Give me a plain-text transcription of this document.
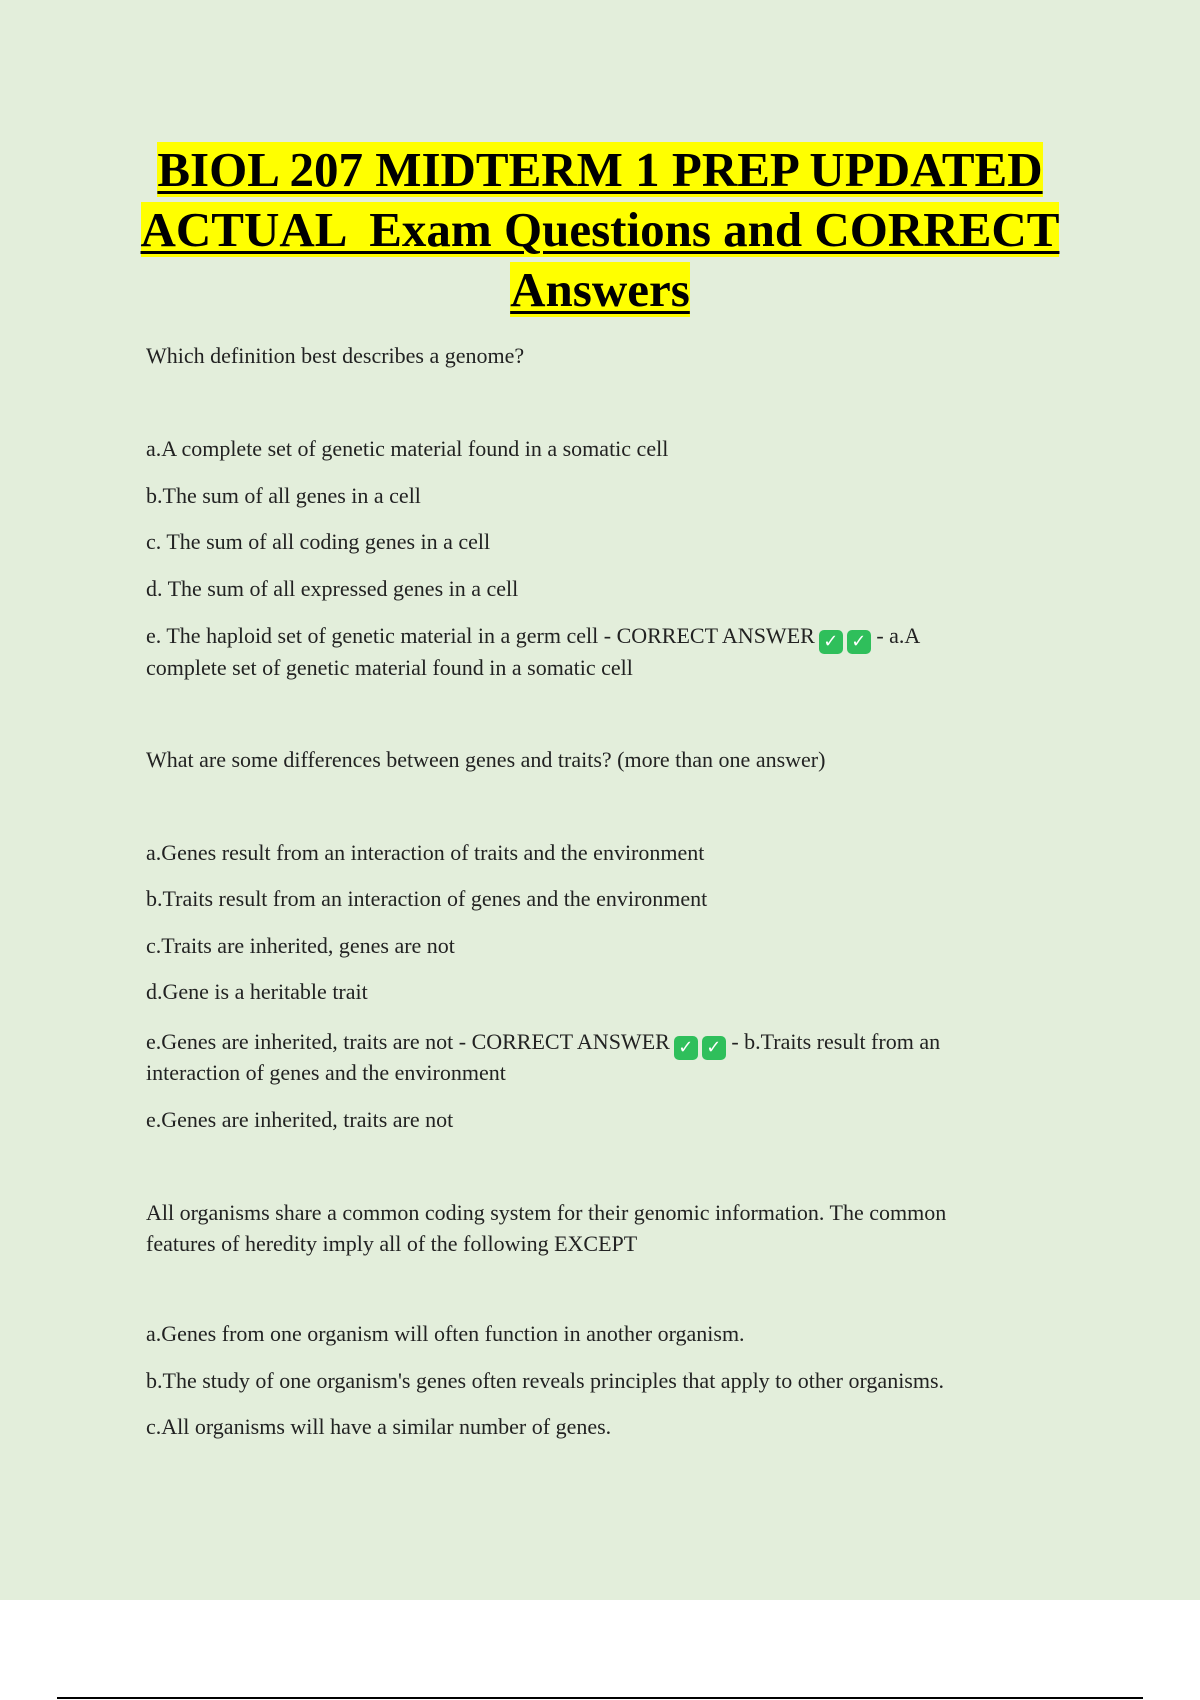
BIOL 207 MIDTERM 1 PREP UPDATED
ACTUAL  Exam Questions and CORRECT
Answers

Which definition best describes a genome?

a.A complete set of genetic material found in a somatic cell

b.The sum of all genes in a cell

c. The sum of all coding genes in a cell

d. The sum of all expressed genes in a cell

e. The haploid set of genetic material in a germ cell - CORRECT ANSWER ✓ ✓ - a.A

complete set of genetic material found in a somatic cell

What are some differences between genes and traits? (more than one answer)

a.Genes result from an interaction of traits and the environment

b.Traits result from an interaction of genes and the environment

c.Traits are inherited, genes are not

d.Gene is a heritable trait

e.Genes are inherited, traits are not - CORRECT ANSWER ✓ ✓ - b.Traits result from an

interaction of genes and the environment

e.Genes are inherited, traits are not

All organisms share a common coding system for their genomic information. The common

features of heredity imply all of the following EXCEPT

a.Genes from one organism will often function in another organism.

b.The study of one organism's genes often reveals principles that apply to other organisms.

c.All organisms will have a similar number of genes.
